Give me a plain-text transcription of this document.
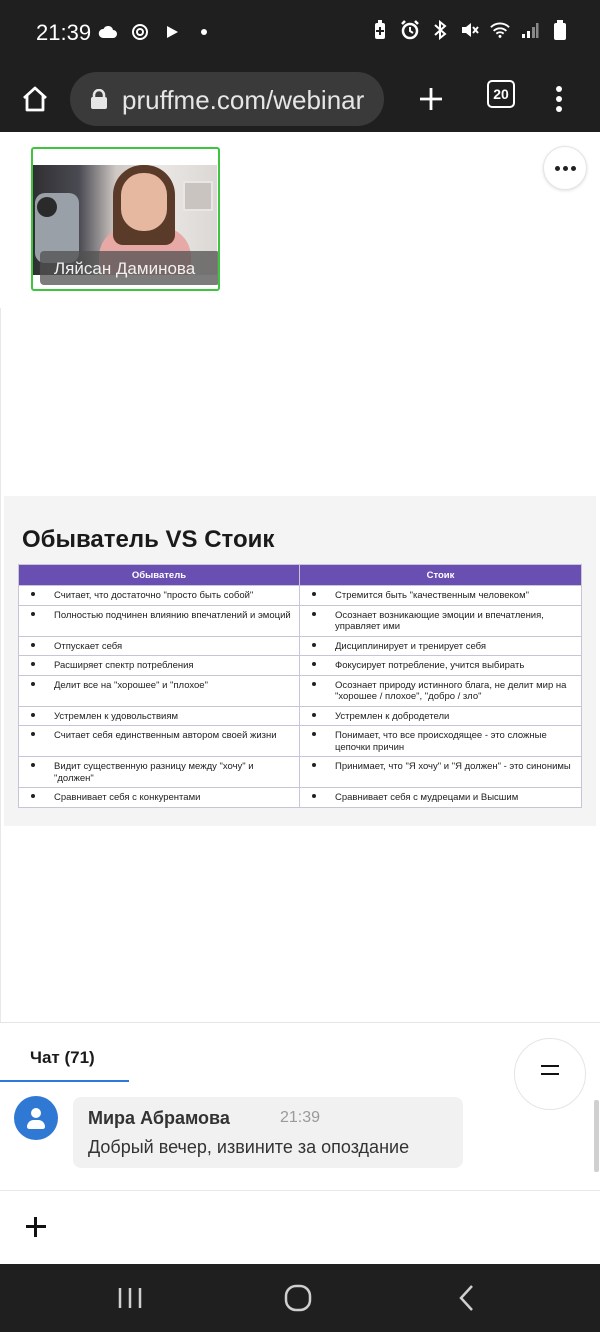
21:39
pruffme.com/webinar	20
Ляйсан Даминова
Обыватель VS Стоик
Обыватель	Стоик

Считает, что достаточно "просто быть собой"	Стремится быть "качественным человеком"

Полностью подчинен влиянию впечатлений и эмоций	Осознает возникающие эмоции и впечатления, управляет ими

Отпускает себя	Дисциплинирует и тренирует себя

Расширяет спектр потребления	Фокусирует потребление, учится выбирать

Делит все на "хорошее" и "плохое"	Осознает природу истинного блага, не делит мир на "хорошее / плохое", "добро / зло"

Устремлен к удовольствиям	Устремлен к добродетели

Считает себя единственным автором своей жизни	Понимает, что все происходящее - это сложные цепочки причин

Видит существенную разницу между "хочу" и "должен"	Принимает, что "Я хочу" и "Я должен" - это синонимы

Сравнивает себя с конкурентами	Сравнивает себя с мудрецами и Высшим
Чат (71)
Мира Абрамова	21:39
Добрый вечер, извините за опоздание
